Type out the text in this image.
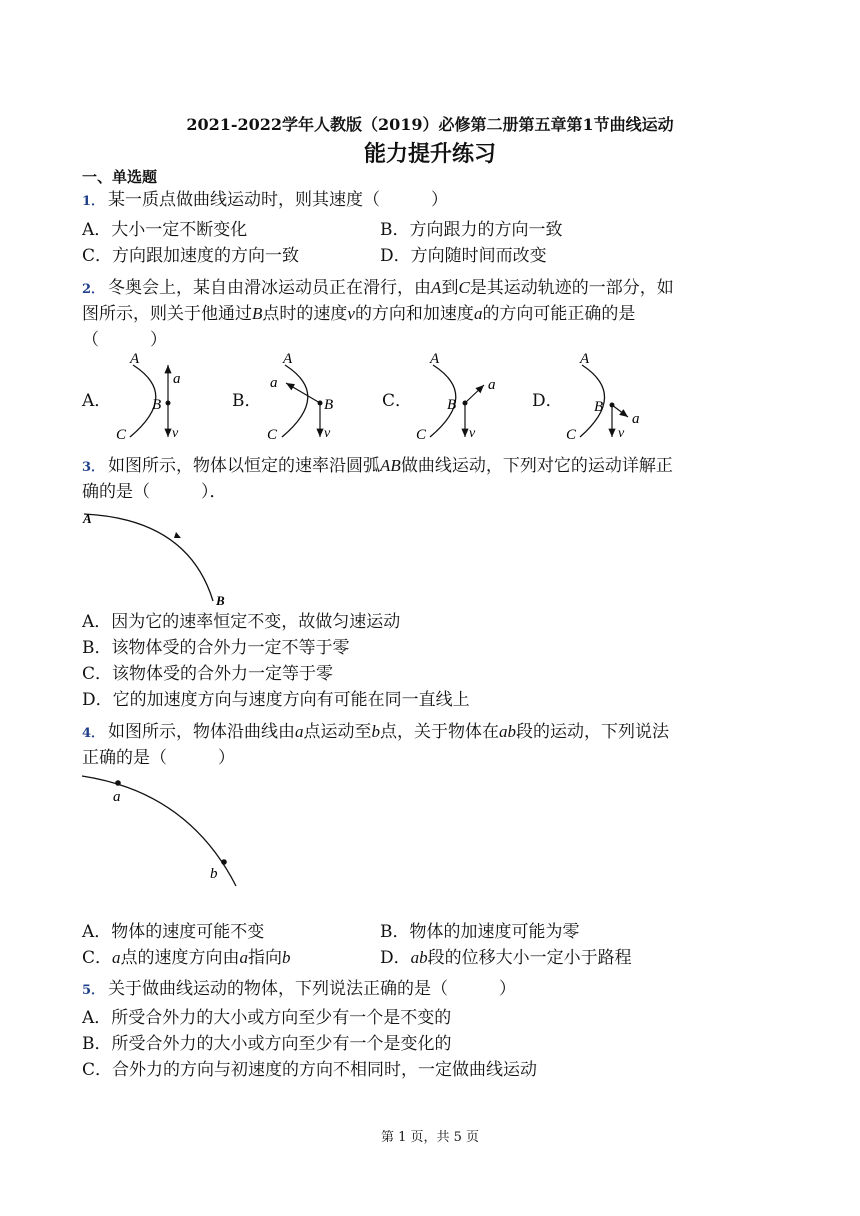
2021-2022学年人教版（2019）必修第二册第五章第1节曲线运动
能力提升练习
一、单选题
1． 某一质点做曲线运动时，则其速度（　　　）
A．大小一定不断变化	B．方向跟力的方向一致
C．方向跟加速度的方向一致	D．方向随时间而改变
2． 冬奥会上，某自由滑冰运动员正在滑行，由A到C是其运动轨迹的一部分，如
图所示，则关于他通过B点时的速度v的方向和加速度a的方向可能正确的是
（　　　）
A．	B．	C．	D．
A
B
C
a
v
A
B
C
a
v
A
B
C
a
v
A
B
C
a
v
3． 如图所示，物体以恒定的速率沿圆弧AB做曲线运动，下列对它的运动详解正
确的是（　　　）．
A
B
A．因为它的速率恒定不变，故做匀速运动
B．该物体受的合外力一定不等于零
C．该物体受的合外力一定等于零
D．它的加速度方向与速度方向有可能在同一直线上
4． 如图所示，物体沿曲线由a点运动至b点，关于物体在ab段的运动，下列说法
正确的是（　　　）
a
b
A．物体的速度可能不变	B．物体的加速度可能为零
C．a点的速度方向由a指向b	D．ab段的位移大小一定小于路程
5． 关于做曲线运动的物体，下列说法正确的是（　　　）
A．所受合外力的大小或方向至少有一个是不变的
B．所受合外力的大小或方向至少有一个是变化的
C．合外力的方向与初速度的方向不相同时，一定做曲线运动
第 1 页，共 5 页
